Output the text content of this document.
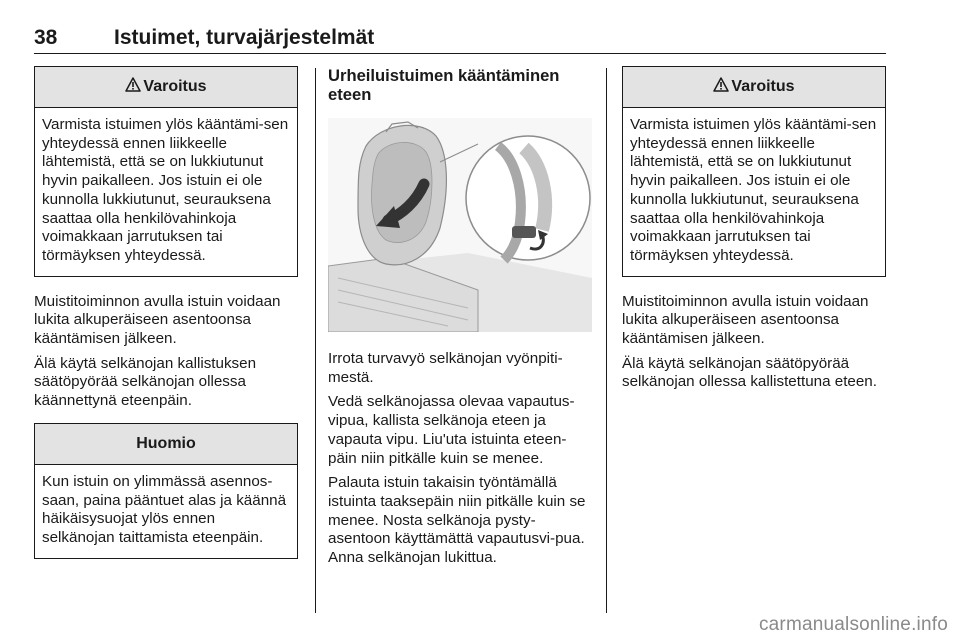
38	Istuimet, turvajärjestelmät
Varoitus

Varmista istuimen ylös kääntämi-sen yhteydessä ennen liikkeelle lähtemistä, että se on lukkiutunut hyvin paikalleen. Jos istuin ei ole kunnolla lukkiutunut, seurauksena saattaa olla henkilövahinkoja voimakkaan jarrutuksen tai törmäyksen yhteydessä.

Muistitoiminnon avulla istuin voidaan lukita alkuperäiseen asentoonsa kääntämisen jälkeen.

Älä käytä selkänojan kallistuksen säätöpyörää selkänojan ollessa käännettynä eteenpäin.

Huomio

Kun istuin on ylimmässä asennos-saan, paina pääntuet alas ja käännä häikäisysuojat ylös ennen selkänojan taittamista eteenpäin.

Urheiluistuimen kääntäminen eteen

Irrota turvavyö selkänojan vyönpiti-mestä.

Vedä selkänojassa olevaa vapautus-vipua, kallista selkänoja eteen ja vapauta vipu. Liu'uta istuinta eteen-päin niin pitkälle kuin se menee.

Palauta istuin takaisin työntämällä istuinta taaksepäin niin pitkälle kuin se menee. Nosta selkänoja pysty-asentoon käyttämättä vapautusvi-pua. Anna selkänojan lukittua.

Varoitus

Varmista istuimen ylös kääntämi-sen yhteydessä ennen liikkeelle lähtemistä, että se on lukkiutunut hyvin paikalleen. Jos istuin ei ole kunnolla lukkiutunut, seurauksena saattaa olla henkilövahinkoja voimakkaan jarrutuksen tai törmäyksen yhteydessä.

Muistitoiminnon avulla istuin voidaan lukita alkuperäiseen asentoonsa kääntämisen jälkeen.

Älä käytä selkänojan säätöpyörää selkänojan ollessa kallistettuna eteen.

carmanualsonline.info
